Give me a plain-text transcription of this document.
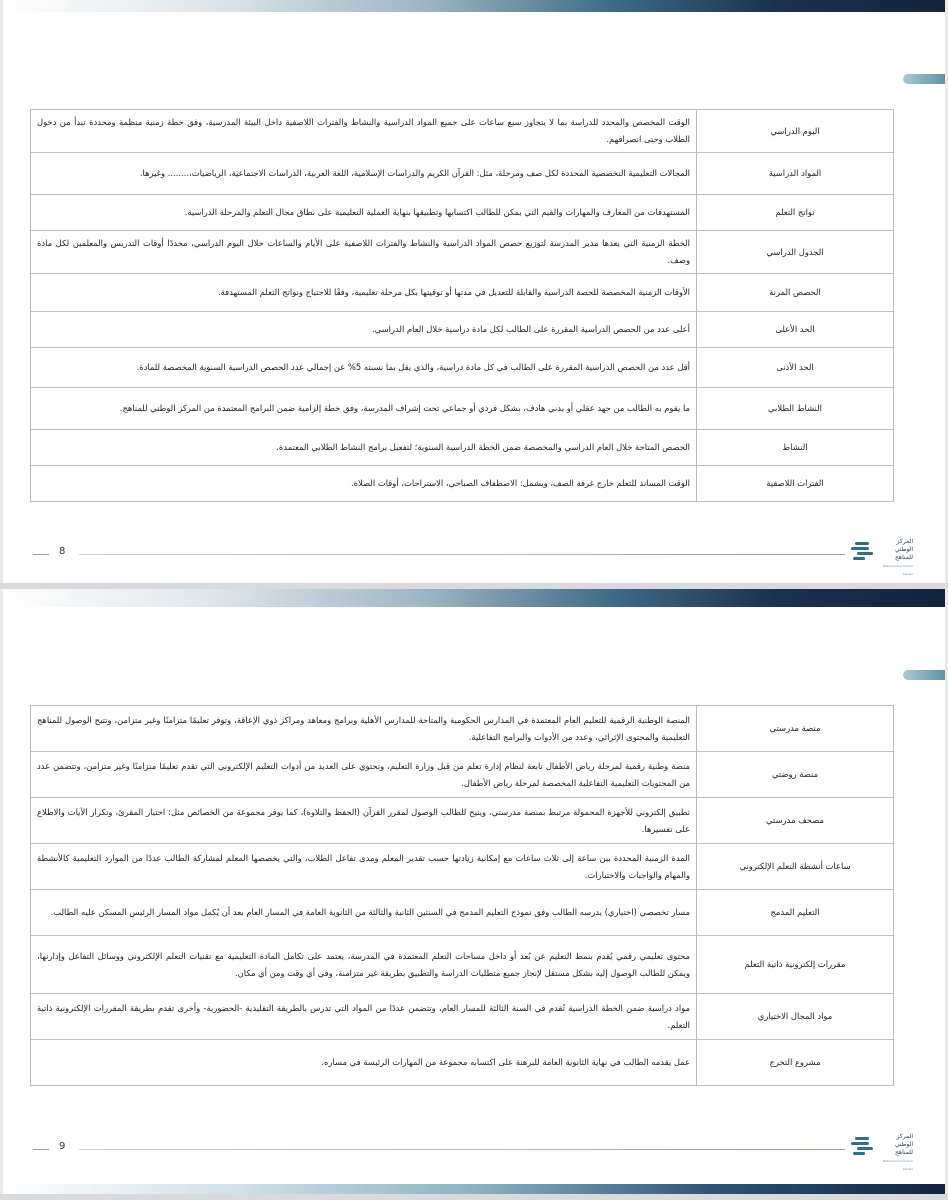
اليوم الدراسي	الوقت المخصص والمحدد للدراسة بما لا يتجاوز سبع ساعات على جميع المواد الدراسية والنشاط والفترات اللاصفية داخل البيئة المدرسية، وفق خطة زمنية منظمة ومحددة تبدأ من دخول الطلاب وحتى انصرافهم.
المواد الدراسية	المجالات التعليمية التخصصية المحددة لكل صف ومرحلة، مثل: القرآن الكريم والدراسات الإسلامية، اللغة العربية، الدراسات الاجتماعية، الرياضيات،........ وغيرها.
نواتج التعلم	المستهدفات من المعارف والمهارات والقيم التي يمكن للطالب اكتسابها وتطبيقها بنهاية العملية التعليمية على نطاق مجال التعلم والمرحلة الدراسية.
الجدول الدراسي	الخطة الزمنية التي يعدها مدير المدرسة لتوزيع حصص المواد الدراسية والنشاط والفترات اللاصفية على الأيام والساعات خلال اليوم الدراسي، محددًا أوقات التدريس والمعلمين لكل مادة وصف.
الحصص المرنة	الأوقات الزمنية المخصصة للحصة الدراسية والقابلة للتعديل في مدتها أو توقيتها بكل مرحلة تعليمية، وفقًا للاحتياج ونواتج التعلم المستهدفة.
الحد الأعلى	أعلى عدد من الحصص الدراسية المقررة على الطالب لكل مادة دراسية خلال العام الدراسي.
الحد الأدنى	أقل عدد من الحصص الدراسية المقررة على الطالب في كل مادة دراسية، والذي يقل بما نسبته 5% عن إجمالي عدد الحصص الدراسية السنوية المخصصة للمادة.
النشاط الطلابي	ما يقوم به الطالب من جهد عقلي أو بدني هادف، بشكل فردي أو جماعي تحت إشراف المدرسة، وفق خطة إلزامية ضمن البرامج المعتمدة من المركز الوطني للمناهج.
النشاط	الحصص المتاحة خلال العام الدراسي والمخصصة ضمن الخطة الدراسية السنوية؛ لتفعيل برامج النشاط الطلابي المعتمدة.
الفترات اللاصفية	الوقت المساند للتعلم خارج غرفة الصف، ويشمل: الاصطفاف الصباحي، الاستراحات، أوقات الصلاة.
8
المركز الوطني
للمناهج
National Curriculum Center
منصة مدرستي	المنصة الوطنية الرقمية للتعليم العام المعتمدة في المدارس الحكومية والمتاحة للمدارس الأهلية وبرامج ومعاهد ومراكز ذوي الإعاقة، وتوفر تعليمًا متزامنًا وغير متزامن، وتتيح الوصول للمناهج التعليمية والمحتوى الإثرائي، وعدد من الأدوات والبرامج التفاعلية.
منصة روضتي	منصة وطنية رقمية لمرحلة رياض الأطفال تابعة لنظام إدارة تعلم من قبل وزارة التعليم، وتحتوي على العديد من أدوات التعليم الإلكتروني التي تقدم تعليمًا متزامنًا وغير متزامن، وتتضمن عدد من المحتويات التعليمية التفاعلية المخصصة لمرحلة رياض الأطفال.
مصحف مدرستي	تطبيق إلكتروني للأجهزة المحمولة مرتبط بمنصة مدرستي، ويتيح للطالب الوصول لمقرر القرآن (الحفظ والتلاوة)، كما يوفر مجموعة من الخصائص مثل: اختيار المقرئ، وتكرار الآيات والاطلاع على تفسيرها.
ساعات أنشطة التعلم الإلكتروني	المدة الزمنية المحددة بين ساعة إلى ثلاث ساعات مع إمكانية زيادتها حسب تقدير المعلم ومدى تفاعل الطلاب، والتي يخصصها المعلم لمشاركة الطالب عددًا من الموارد التعليمية كالأنشطة والمهام والواجبات والاختبارات.
التعليم المدمج	مسار تخصصي (اختياري) يدرسه الطالب وفق نموذج التعليم المدمج في السنتين الثانية والثالثة من الثانوية العامة في المسار العام بعد أن يُكمل مواد المسار الرئيس المسكن عليه الطالب.
مقررات إلكترونية ذاتية التعلم	محتوى تعليمي رقمي يُقدم بنمط التعليم عن بُعد أو داخل مساحات التعلم المعتمدة في المدرسة، يعتمد على تكامل المادة التعليمية مع تقنيات التعلم الإلكتروني ووسائل التفاعل وإدارتها، ويمكن للطالب الوصول إليه بشكل مستقل لإنجاز جميع متطلبات الدراسة والتطبيق بطريقة غير متزامنة، وفي أي وقت ومن أي مكان.
مواد المجال الاختياري	مواد دراسية ضمن الخطة الدراسية تُقدم في السنة الثالثة للمسار العام، وتتضمن عددًا من المواد التي تدرس بالطريقة التقليدية -الحضورية- وأخرى تقدم بطريقة المقررات الإلكترونية ذاتية التعلم.
مشروع التخرج	عمل يقدمه الطالب في نهاية الثانوية العامة للبرهنة على اكتسابه مجموعة من المهارات الرئيسة في مساره.
9
المركز الوطني
للمناهج
National Curriculum Center
